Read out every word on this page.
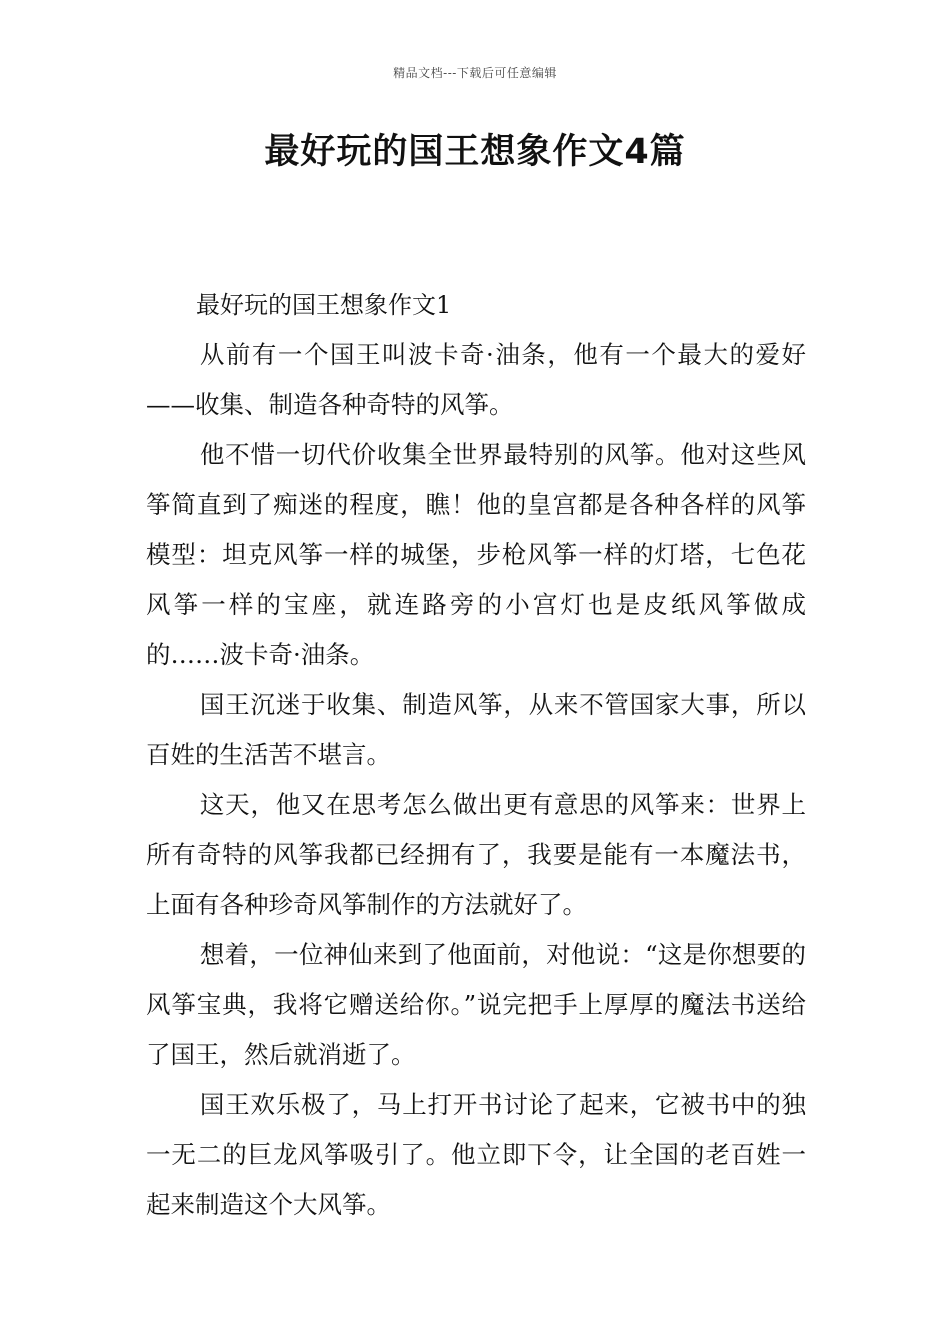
精品文档---下载后可任意编辑
最好玩的国王想象作文4篇

最好玩的国王想象作文1

从前有一个国王叫波卡奇·油条，他有一个最大的爱好——收集、制造各种奇特的风筝。

他不惜一切代价收集全世界最特别的风筝。他对这些风筝简直到了痴迷的程度，瞧！他的皇宫都是各种各样的风筝模型：坦克风筝一样的城堡，步枪风筝一样的灯塔，七色花风筝一样的宝座，就连路旁的小宫灯也是皮纸风筝做成的……波卡奇·油条。

国王沉迷于收集、制造风筝，从来不管国家大事，所以百姓的生活苦不堪言。

这天，他又在思考怎么做出更有意思的风筝来：世界上所有奇特的风筝我都已经拥有了，我要是能有一本魔法书，上面有各种珍奇风筝制作的方法就好了。

想着，一位神仙来到了他面前，对他说：“这是你想要的风筝宝典，我将它赠送给你。”说完把手上厚厚的魔法书送给了国王，然后就消逝了。

国王欢乐极了，马上打开书讨论了起来，它被书中的独一无二的巨龙风筝吸引了。他立即下令，让全国的老百姓一起来制造这个大风筝。
